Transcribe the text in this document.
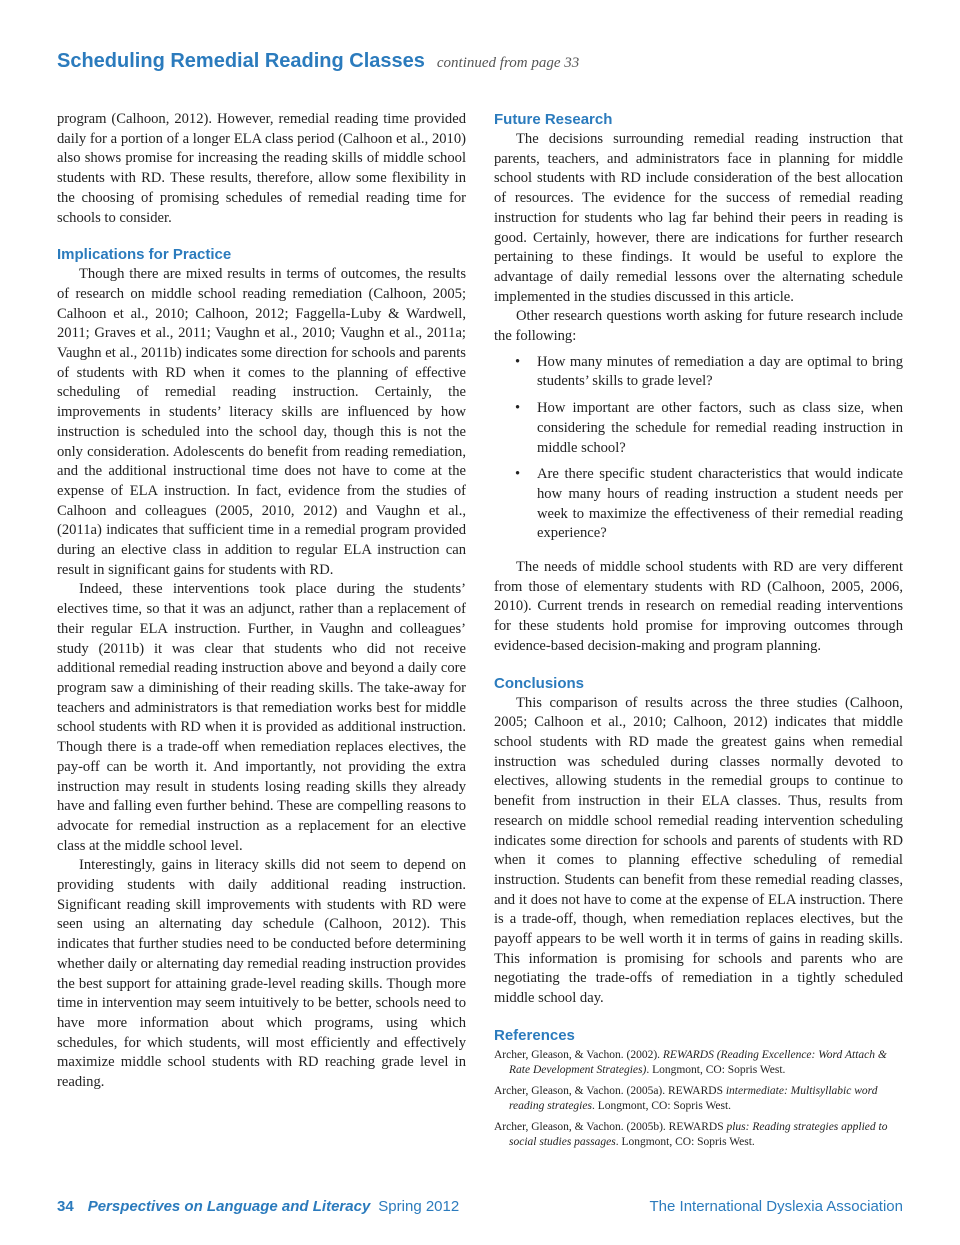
Scheduling Remedial Reading Classes continued from page 33

program (Calhoon, 2012). However, remedial reading time provided daily for a portion of a longer ELA class period (Calhoon et al., 2010) also shows promise for increasing the reading skills of middle school students with RD. These results, therefore, allow some flexibility in the choosing of promising schedules of remedial reading time for schools to consider.

Implications for Practice

Though there are mixed results in terms of outcomes, the results of research on middle school reading remediation (Calhoon, 2005; Calhoon et al., 2010; Calhoon, 2012; Faggella-Luby & Wardwell, 2011; Graves et al., 2011; Vaughn et al., 2010; Vaughn et al., 2011a; Vaughn et al., 2011b) indicates some direction for schools and parents of students with RD when it comes to the planning of effective scheduling of remedial reading instruction. Certainly, the improvements in students’ literacy skills are influenced by how instruction is scheduled into the school day, though this is not the only consideration. Adolescents do benefit from reading remediation, and the additional instructional time does not have to come at the expense of ELA instruction. In fact, evidence from the studies of Calhoon and colleagues (2005, 2010, 2012) and Vaughn et al., (2011a) indicates that sufficient time in a remedial program provided during an elective class in addition to regular ELA instruction can result in significant gains for students with RD.

Indeed, these interventions took place during the students’ electives time, so that it was an adjunct, rather than a replacement of their regular ELA instruction. Further, in Vaughn and colleagues’ study (2011b) it was clear that students who did not receive additional remedial reading instruction above and beyond a daily core program saw a diminishing of their reading skills. The take-away for teachers and administrators is that remediation works best for middle school students with RD when it is provided as additional instruction. Though there is a trade-off when remediation replaces electives, the pay-off can be worth it. And importantly, not providing the extra instruction may result in students losing reading skills they already have and falling even further behind. These are compelling reasons to advocate for remedial instruction as a replacement for an elective class at the middle school level.

Interestingly, gains in literacy skills did not seem to depend on providing students with daily additional reading instruction. Significant reading skill improvements with students with RD were seen using an alternating day schedule (Calhoon, 2012). This indicates that further studies need to be conducted before determining whether daily or alternating day remedial reading instruction provides the best support for attaining grade-level reading skills. Though more time in intervention may seem intuitively to be better, schools need to have more information about which programs, using which schedules, for which students, will most efficiently and effectively maximize middle school students with RD reaching grade level in reading.

Future Research

The decisions surrounding remedial reading instruction that parents, teachers, and administrators face in planning for middle school students with RD include consideration of the best allocation of resources. The evidence for the success of remedial reading instruction for students who lag far behind their peers in reading is good. Certainly, however, there are indications for further research pertaining to these findings. It would be useful to explore the advantage of daily remedial lessons over the alternating schedule implemented in the studies discussed in this article.

Other research questions worth asking for future research include the following:

• How many minutes of remediation a day are optimal to bring students’ skills to grade level?
• How important are other factors, such as class size, when considering the schedule for remedial reading instruction in middle school?
• Are there specific student characteristics that would indicate how many hours of reading instruction a student needs per week to maximize the effectiveness of their remedial reading experience?

The needs of middle school students with RD are very different from those of elementary students with RD (Calhoon, 2005, 2006, 2010). Current trends in research on remedial reading interventions for these students hold promise for improving outcomes through evidence-based decision-making and program planning.

Conclusions

This comparison of results across the three studies (Calhoon, 2005; Calhoon et al., 2010; Calhoon, 2012) indicates that middle school students with RD made the greatest gains when remedial instruction was scheduled during classes normally devoted to electives, allowing students in the remedial groups to continue to benefit from instruction in their ELA classes. Thus, results from research on middle school remedial reading intervention scheduling indicates some direction for schools and parents of students with RD when it comes to planning effective scheduling of remedial instruction. Students can benefit from these remedial reading classes, and it does not have to come at the expense of ELA instruction. There is a trade-off, though, when remediation replaces electives, but the payoff appears to be well worth it in terms of gains in reading skills. This information is promising for schools and parents who are negotiating the trade-offs of remediation in a tightly scheduled middle school day.

References
Archer, Gleason, & Vachon. (2002). REWARDS (Reading Excellence: Word Attach & Rate Development Strategies). Longmont, CO: Sopris West.
Archer, Gleason, & Vachon. (2005a). REWARDS intermediate: Multisyllabic word reading strategies. Longmont, CO: Sopris West.
Archer, Gleason, & Vachon. (2005b). REWARDS plus: Reading strategies applied to social studies passages. Longmont, CO: Sopris West.
34 Perspectives on Language and Literacy Spring 2012	The International Dyslexia Association
